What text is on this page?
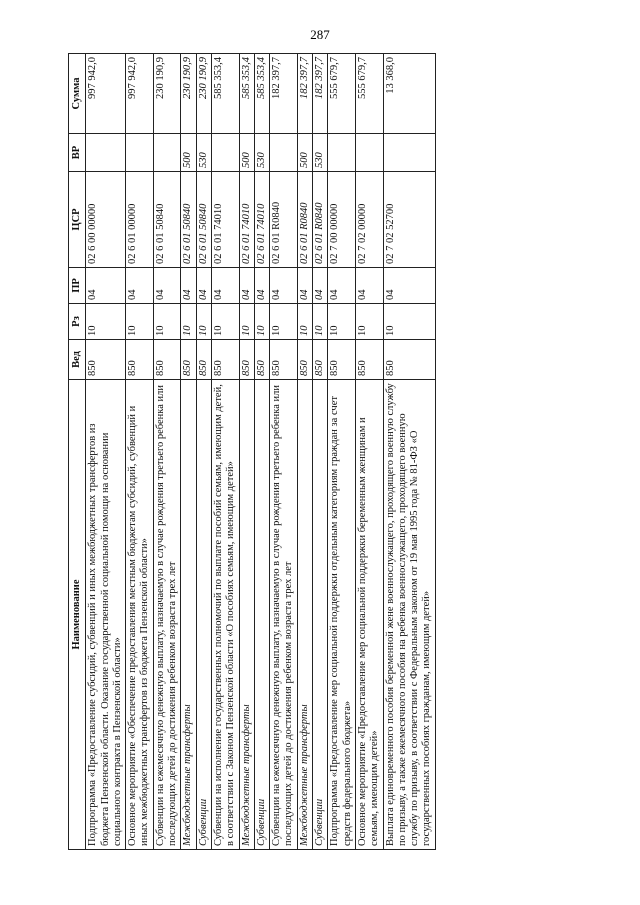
287
Наименование	Вед	Рз	ПР	ЦСР	ВР	Сумма
Подпрограмма «Предоставление субсидий, субвенций и иных межбюджетных трансфертов из бюджета Пензенской области. Оказание государственной социальной помощи на основании социального контракта в Пензенской области»	850	10	04	02 6 00 00000		997 942,0
Основное мероприятие «Обеспечение предоставления местным бюджетам субсидий, субвенций и иных межбюджетных трансфертов из бюджета Пензенской области»	850	10	04	02 6 01 00000		997 942,0
Субвенции на ежемесячную денежную выплату, назначаемую в случае рождения третьего ребенка или последующих детей до достижения ребенком возраста трех лет	850	10	04	02 6 01 50840		230 190,9
Межбюджетные трансферты	850	10	04	02 6 01 50840	500	230 190,9
Субвенции	850	10	04	02 6 01 50840	530	230 190,9
Субвенции на исполнение государственных полномочий по выплате пособий семьям, имеющим детей, в соответствии с Законом Пензенской области «О пособиях семьям, имеющим детей»	850	10	04	02 6 01 74010		585 353,4
Межбюджетные трансферты	850	10	04	02 6 01 74010	500	585 353,4
Субвенции	850	10	04	02 6 01 74010	530	585 353,4
Субвенции на ежемесячную денежную выплату, назначаемую в случае рождения третьего ребенка или последующих детей до достижения ребенком возраста трех лет	850	10	04	02 6 01 R0840		182 397,7
Межбюджетные трансферты	850	10	04	02 6 01 R0840	500	182 397,7
Субвенции	850	10	04	02 6 01 R0840	530	182 397,7
Подпрограмма «Предоставление мер социальной поддержки отдельным категориям граждан за счет средств федерального бюджета»	850	10	04	02 7 00 00000		555 679,7
Основное мероприятие «Предоставление мер социальной поддержки беременным женщинам и семьям, имеющим детей»	850	10	04	02 7 02 00000		555 679,7
Выплата единовременного пособия беременной жене военнослужащего, проходящего военную службу по призыву, а также ежемесячного пособия на ребенка военнослужащего, проходящего военную службу по призыву, в соответствии с Федеральным законом от 19 мая 1995 года № 81-ФЗ «О государственных пособиях гражданам, имеющим детей»	850	10	04	02 7 02 52700		13 368,0
